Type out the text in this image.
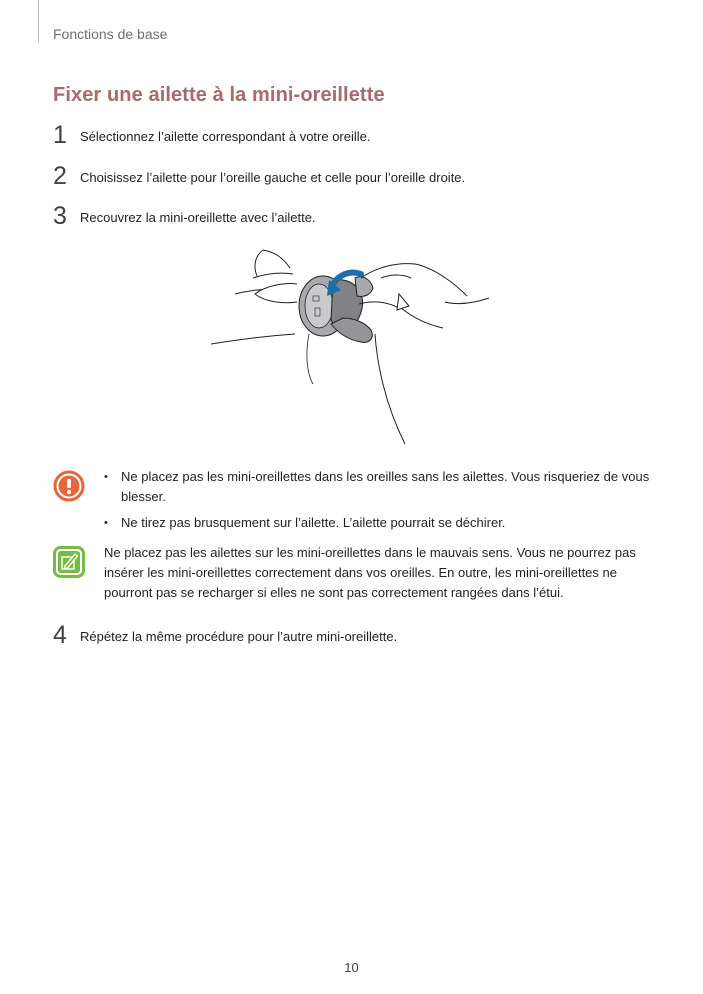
Fonctions de base
Fixer une ailette à la mini-oreillette
1 Sélectionnez l’ailette correspondant à votre oreille.
2 Choisissez l’ailette pour l’oreille gauche et celle pour l’oreille droite.
3 Recouvrez la mini-oreillette avec l’ailette.
• Ne placez pas les mini-oreillettes dans les oreilles sans les ailettes. Vous risqueriez de vous blesser.
• Ne tirez pas brusquement sur l’ailette. L’ailette pourrait se déchirer.
Ne placez pas les ailettes sur les mini-oreillettes dans le mauvais sens. Vous ne pourrez pas insérer les mini-oreillettes correctement dans vos oreilles. En outre, les mini-oreillettes ne pourront pas se recharger si elles ne sont pas correctement rangées dans l’étui.
4 Répétez la même procédure pour l’autre mini-oreillette.
10
